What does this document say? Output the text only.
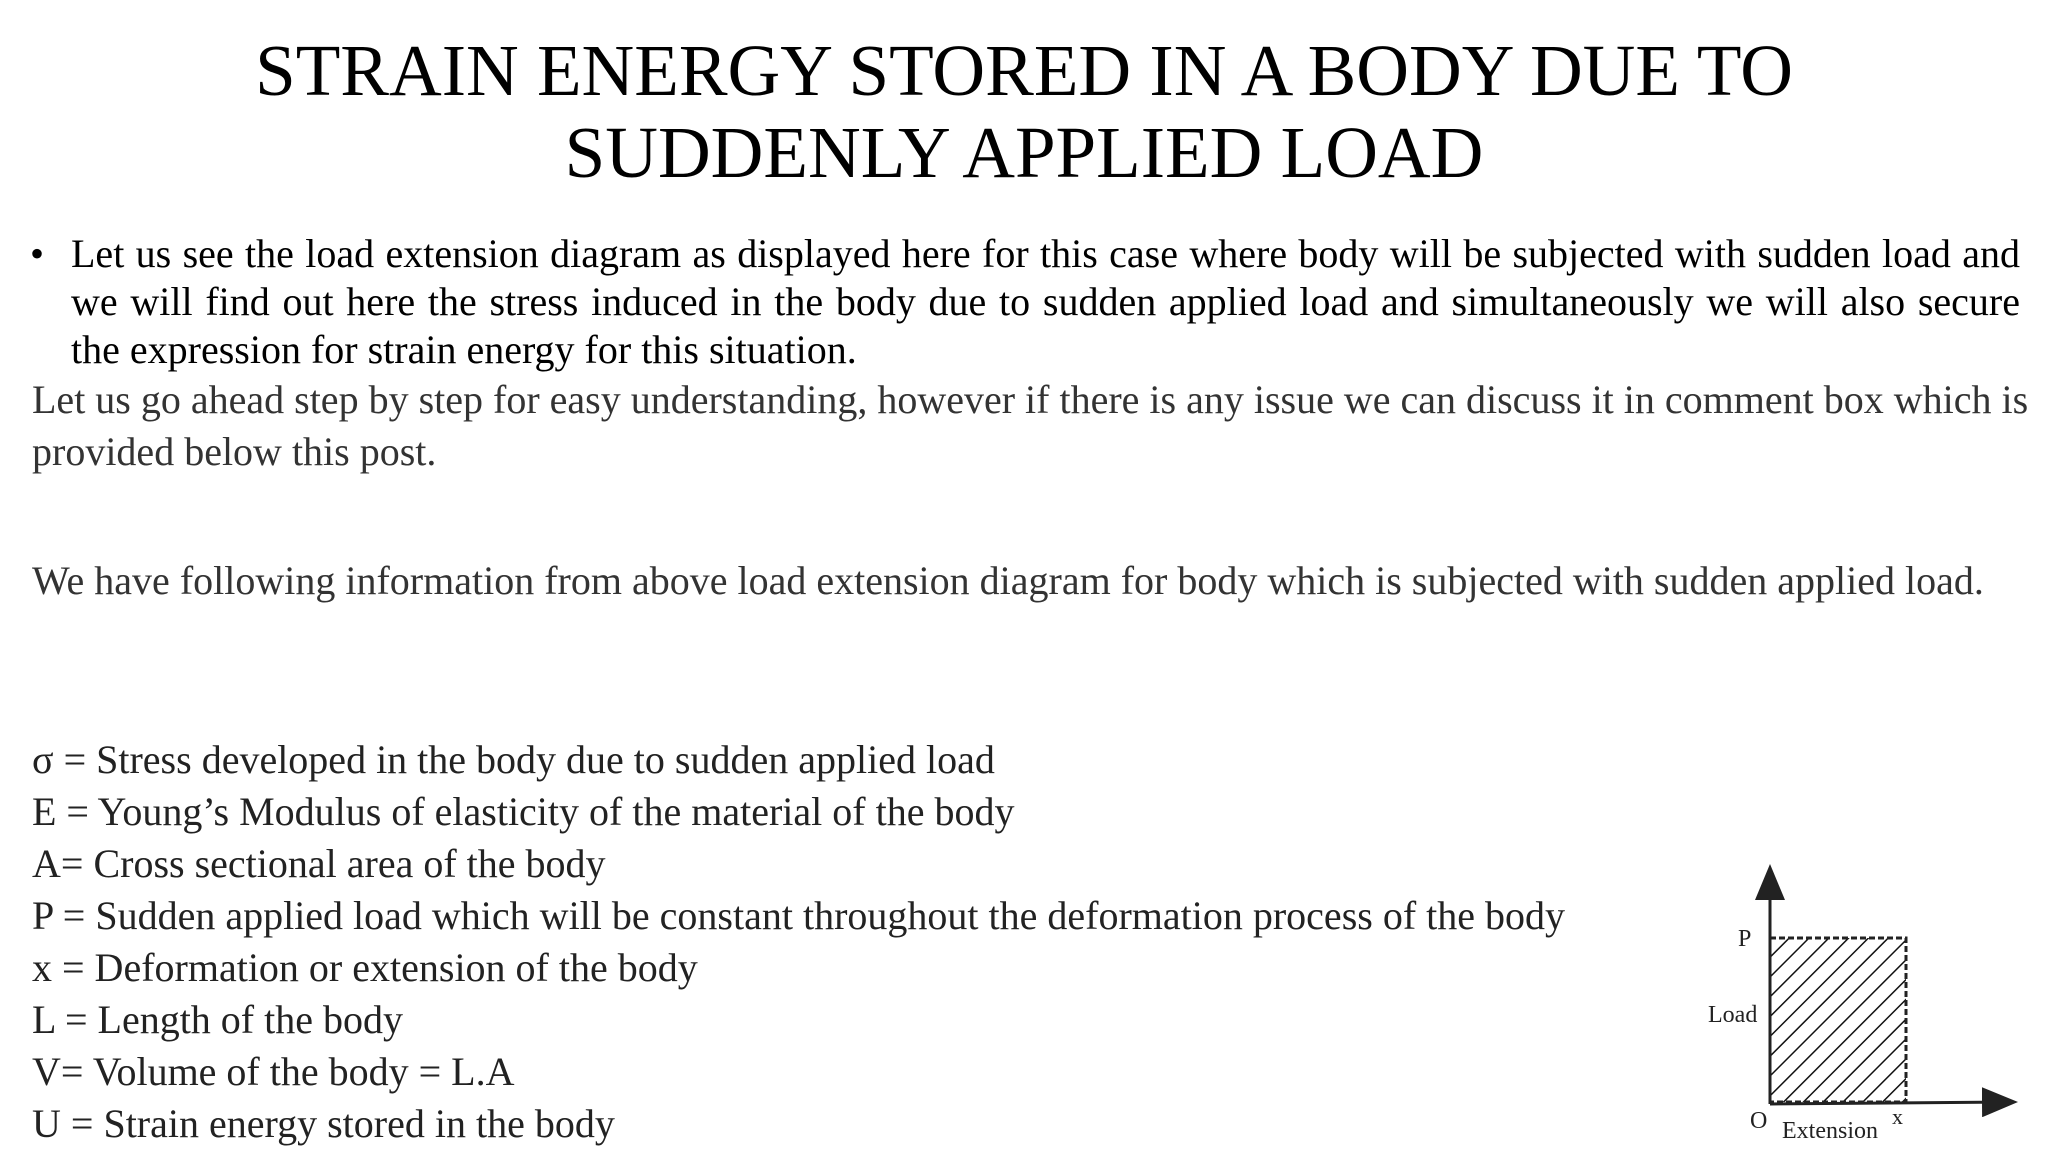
STRAIN ENERGY STORED IN A BODY DUE TO
SUDDENLY APPLIED LOAD
• Let us see the load extension diagram as displayed here for this case where body will be subjected with sudden load and we will find out here the stress induced in the body due to sudden applied load and simultaneously we will also secure the expression for strain energy for this situation.
Let us go ahead step by step for easy understanding, however if there is any issue we can discuss it in comment box which is provided below this post.
We have following information from above load extension diagram for body which is subjected with sudden applied load.
σ = Stress developed in the body due to sudden applied load
E = Young’s Modulus of elasticity of the material of the body
A= Cross sectional area of the body
P = Sudden applied load which will be constant throughout the deformation process of the body
x = Deformation or extension of the body
L = Length of the body
V= Volume of the body = L.A
U = Strain energy stored in the body
P
Load
O Extension
x
